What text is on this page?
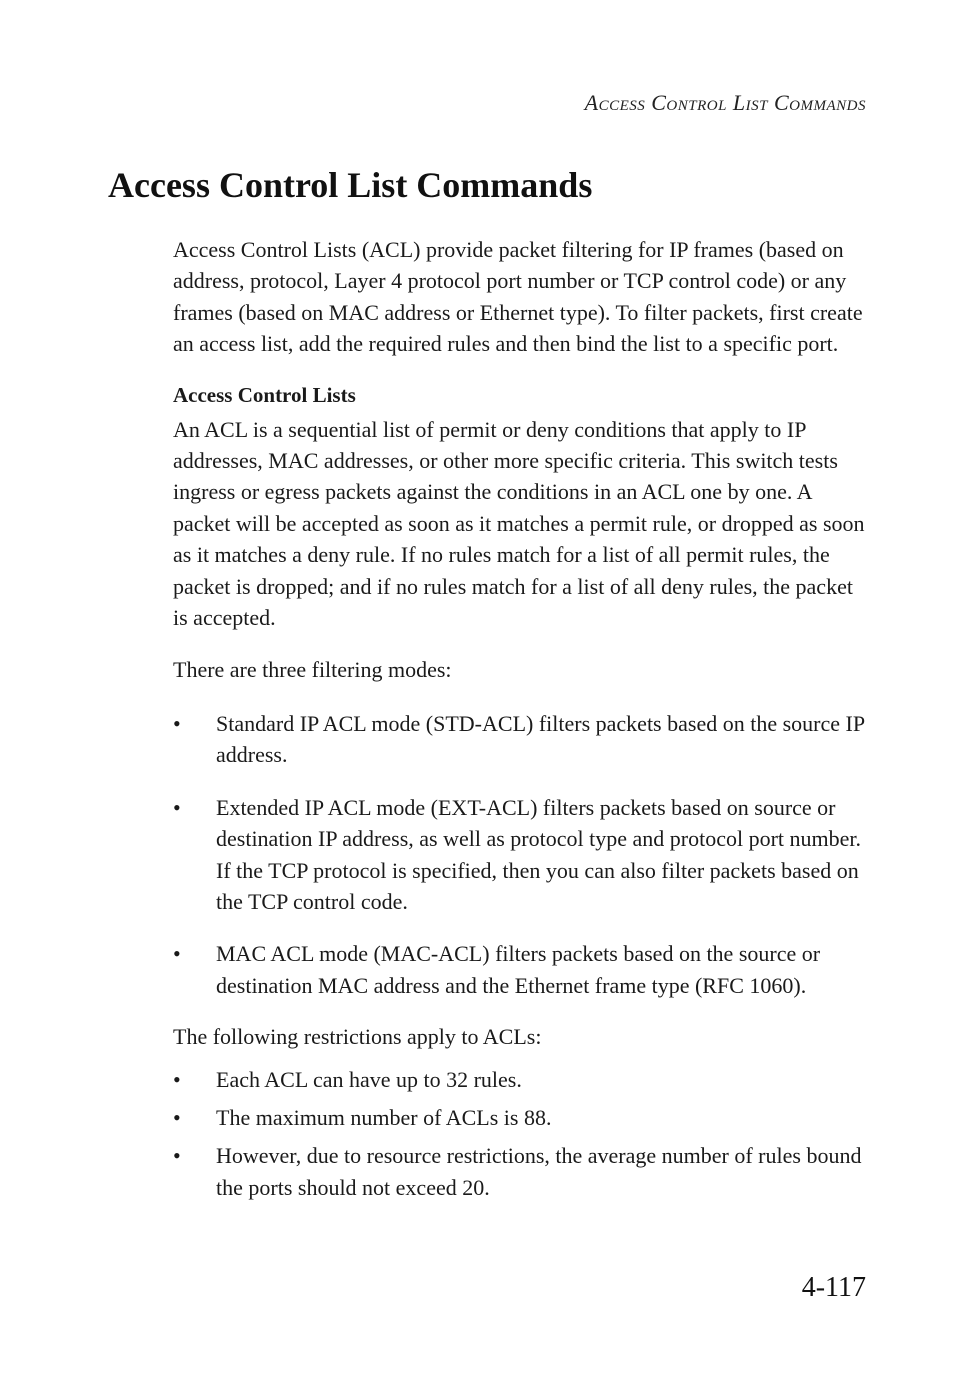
Access Control List Commands
Access Control List Commands

Access Control Lists (ACL) provide packet filtering for IP frames (based on address, protocol, Layer 4 protocol port number or TCP control code) or any frames (based on MAC address or Ethernet type). To filter packets, first create an access list, add the required rules and then bind the list to a specific port.

Access Control Lists

An ACL is a sequential list of permit or deny conditions that apply to IP addresses, MAC addresses, or other more specific criteria. This switch tests ingress or egress packets against the conditions in an ACL one by one. A packet will be accepted as soon as it matches a permit rule, or dropped as soon as it matches a deny rule. If no rules match for a list of all permit rules, the packet is dropped; and if no rules match for a list of all deny rules, the packet is accepted.

There are three filtering modes:

• Standard IP ACL mode (STD-ACL) filters packets based on the source IP address.
• Extended IP ACL mode (EXT-ACL) filters packets based on source or destination IP address, as well as protocol type and protocol port number. If the TCP protocol is specified, then you can also filter packets based on the TCP control code.
• MAC ACL mode (MAC-ACL) filters packets based on the source or destination MAC address and the Ethernet frame type (RFC 1060).

The following restrictions apply to ACLs:

• Each ACL can have up to 32 rules.
• The maximum number of ACLs is 88.
• However, due to resource restrictions, the average number of rules bound the ports should not exceed 20.
4-117
